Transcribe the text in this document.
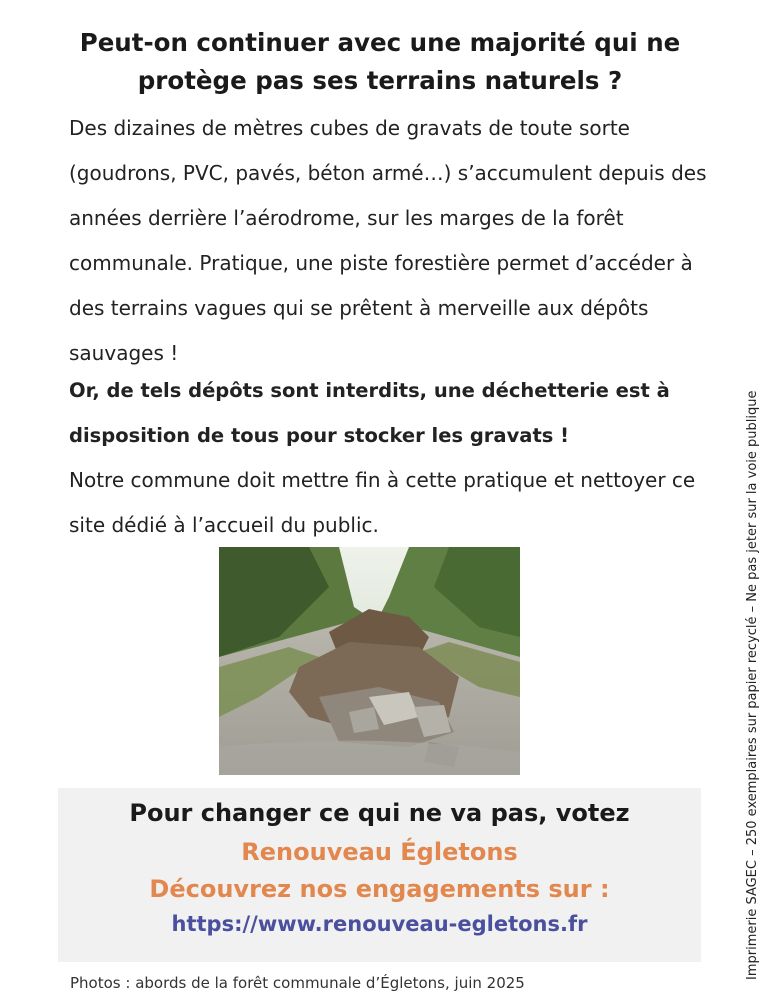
Peut-on continuer avec une majorité qui ne
protège pas ses terrains naturels ?
Des dizaines de mètres cubes de gravats de toute sorte
(goudrons, PVC, pavés, béton armé…) s’accumulent depuis des
années derrière l’aérodrome, sur les marges de la forêt
communale. Pratique, une piste forestière permet d’accéder à
des terrains vagues qui se prêtent à merveille aux dépôts
sauvages !
Or, de tels dépôts sont interdits, une déchetterie est à
disposition de tous pour stocker les gravats !
Notre commune doit mettre fin à cette pratique et nettoyer ce
site dédié à l’accueil du public.
Pour changer ce qui ne va pas, votez
Renouveau Égletons
Découvrez nos engagements sur :
https://www.renouveau-egletons.fr
Photos : abords de la forêt communale d’Égletons, juin 2025
Imprimerie SAGEC – 250 exemplaires sur papier recyclé – Ne pas jeter sur la voie publique
